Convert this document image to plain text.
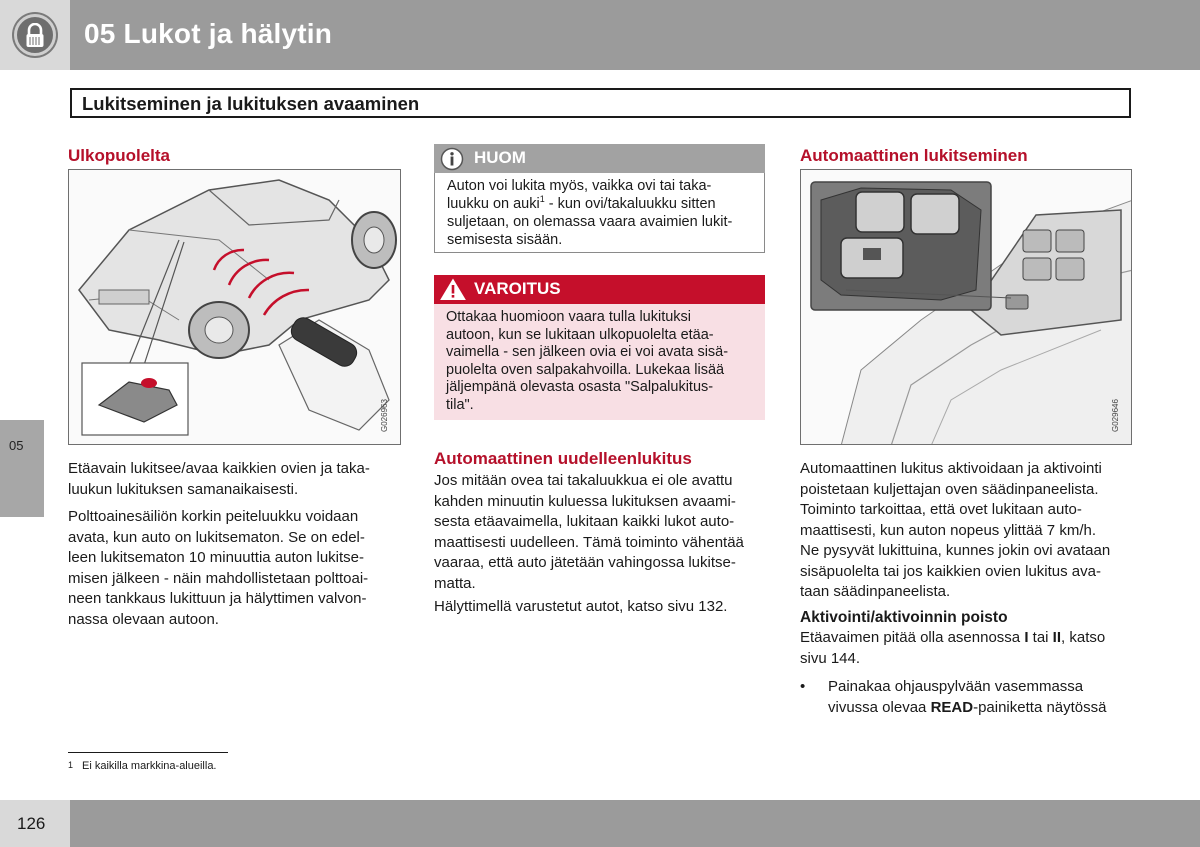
05 Lukot ja hälytin
05
Lukitseminen ja lukituksen avaaminen
Ulkopuolelta
G026963
Etäavain lukitsee/avaa kaikkien ovien ja taka-
luukun lukituksen samanaikaisesti.
Polttoainesäiliön korkin peiteluukku voidaan
avata, kun auto on lukitsematon. Se on edel-
leen lukitsematon 10 minuuttia auton lukitse-
misen jälkeen - näin mahdollistetaan polttoai-
neen tankkaus lukittuun ja hälyttimen valvon-
nassa olevaan autoon.
HUOM
Auton voi lukita myös, vaikka ovi tai taka-
luukku on auki$^1$ - kun ovi/takaluukku sitten
suljetaan, on olemassa vaara avaimien lukit-
semisesta sisään.
VAROITUS
Ottakaa huomioon vaara tulla lukituksi
autoon, kun se lukitaan ulkopuolelta etäa-
vaimella - sen jälkeen ovia ei voi avata sisä-
puolelta oven salpakahvoilla. Lukekaa lisää
jäljempänä olevasta osasta "Salpalukitus-
tila".
Automaattinen uudelleenlukitus
Jos mitään ovea tai takaluukkua ei ole avattu
kahden minuutin kuluessa lukituksen avaami-
sesta etäavaimella, lukitaan kaikki lukot auto-
maattisesti uudelleen. Tämä toiminto vähentää
vaaraa, että auto jätetään vahingossa lukitse-
matta.
Hälyttimellä varustetut autot, katso sivu 132.
Automaattinen lukitseminen
G029646
Automaattinen lukitus aktivoidaan ja aktivointi
poistetaan kuljettajan oven säädinpaneelista.
Toiminto tarkoittaa, että ovet lukitaan auto-
maattisesti, kun auton nopeus ylittää 7 km/h.
Ne pysyvät lukittuina, kunnes jokin ovi avataan
sisäpuolelta tai jos kaikkien ovien lukitus ava-
taan säädinpaneelista.
Aktivointi/aktivoinnin poisto
Etäavaimen pitää olla asennossa I tai II, katso
sivu 144.
• Painakaa ohjauspylvään vasemmassa
vivussa olevaa READ-painiketta näytössä
1 Ei kaikilla markkina-alueilla.
126
